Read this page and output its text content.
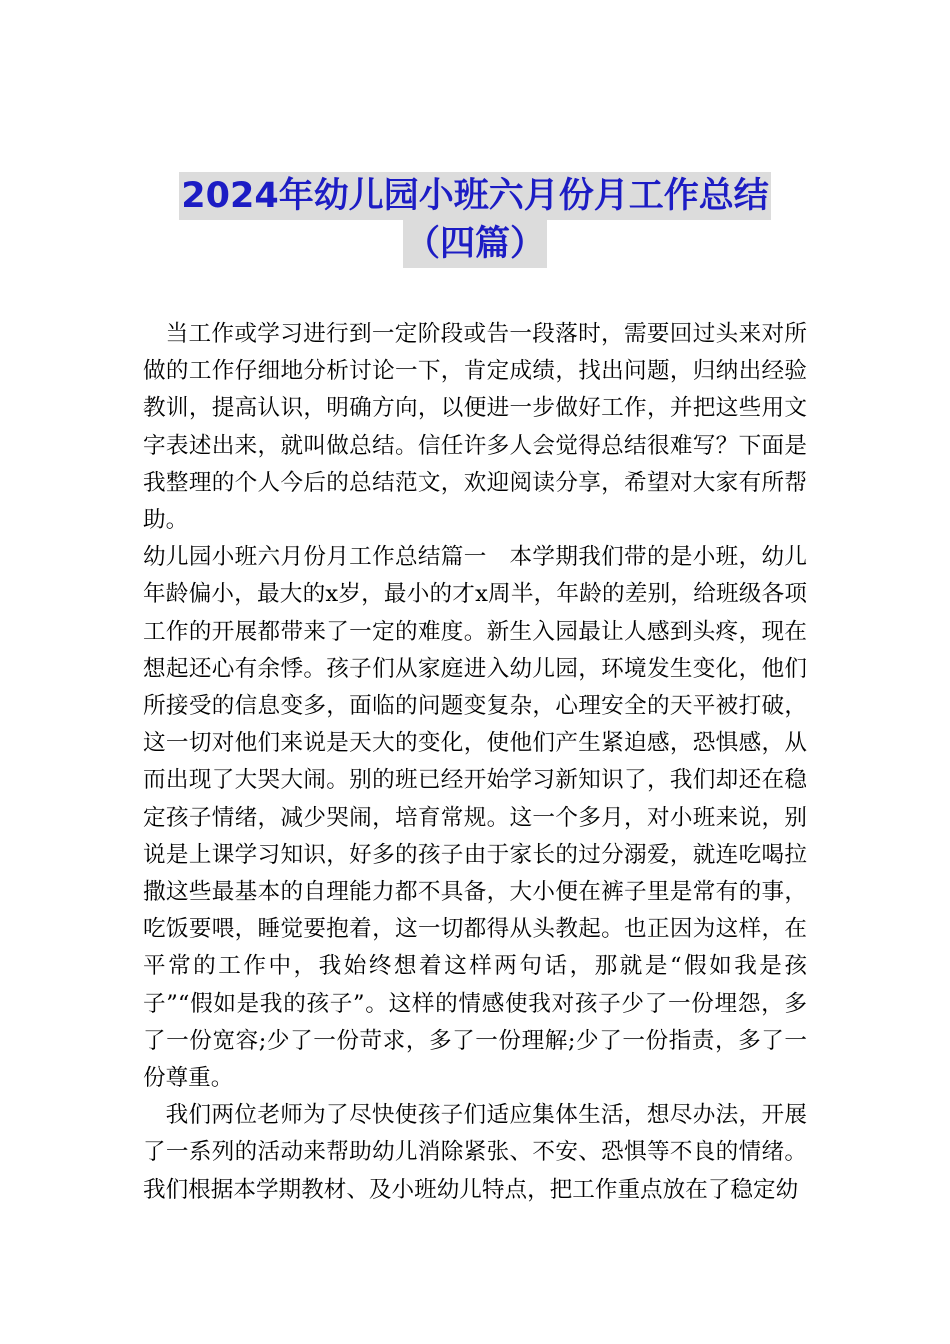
2024年幼儿园小班六月份月工作总结
（四篇）

当工作或学习进行到一定阶段或告一段落时，需要回过头来对所做的工作仔细地分析讨论一下，肯定成绩，找出问题，归纳出经验教训，提高认识，明确方向，以便进一步做好工作，并把这些用文字表述出来，就叫做总结。信任许多人会觉得总结很难写？下面是我整理的个人今后的总结范文，欢迎阅读分享，希望对大家有所帮助。

幼儿园小班六月份月工作总结篇一　本学期我们带的是小班，幼儿年龄偏小，最大的x岁，最小的才x周半，年龄的差别，给班级各项工作的开展都带来了一定的难度。新生入园最让人感到头疼，现在想起还心有余悸。孩子们从家庭进入幼儿园，环境发生变化，他们所接受的信息变多，面临的问题变复杂，心理安全的天平被打破，这一切对他们来说是天大的变化，使他们产生紧迫感，恐惧感，从而出现了大哭大闹。别的班已经开始学习新知识了，我们却还在稳定孩子情绪，减少哭闹，培育常规。这一个多月，对小班来说，别说是上课学习知识，好多的孩子由于家长的过分溺爱，就连吃喝拉撒这些最基本的自理能力都不具备，大小便在裤子里是常有的事，吃饭要喂，睡觉要抱着，这一切都得从头教起。也正因为这样，在平常的工作中，我始终想着这样两句话，那就是“假如我是孩子”“假如是我的孩子”。这样的情感使我对孩子少了一份埋怨，多了一份宽容;少了一份苛求，多了一份理解;少了一份指责，多了一份尊重。

我们两位老师为了尽快使孩子们适应集体生活，想尽办法，开展了一系列的活动来帮助幼儿消除紧张、不安、恐惧等不良的情绪。我们根据本学期教材、及小班幼儿特点，把工作重点放在了稳定幼
